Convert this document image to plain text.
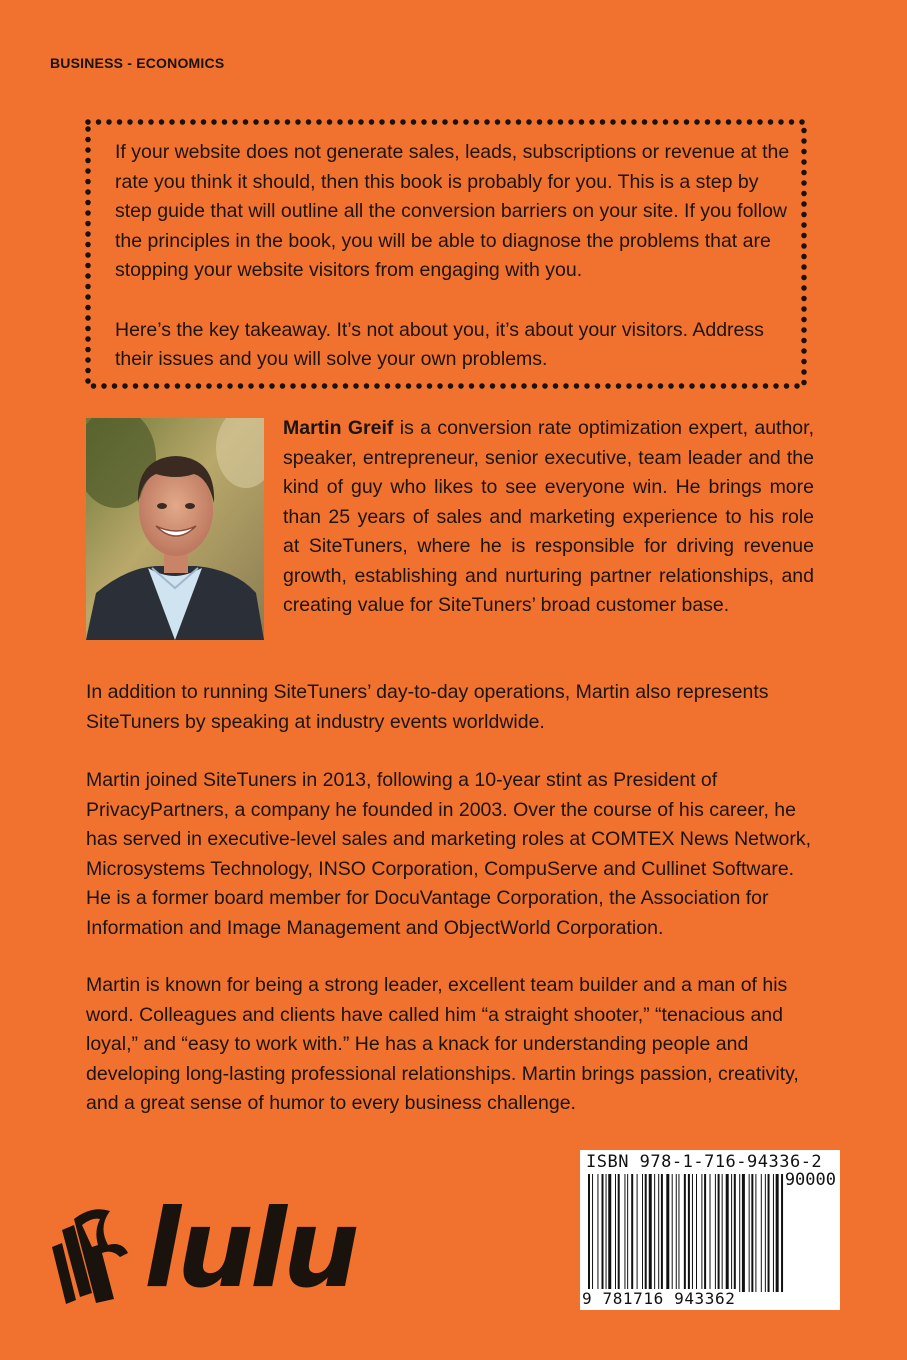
BUSINESS - ECONOMICS

If your website does not generate sales, leads, subscriptions or revenue at the rate you think it should, then this book is probably for you. This is a step by step guide that will outline all the conversion barriers on your site. If you follow the principles in the book, you will be able to diagnose the problems that are stopping your website visitors from engaging with you.

Here’s the key takeaway. It’s not about you, it’s about your visitors. Address their issues and you will solve your own problems.

Martin Greif is a conversion rate optimization expert, author, speaker, entrepreneur, senior executive, team leader and the kind of guy who likes to see everyone win. He brings more than 25 years of sales and marketing experience to his role at SiteTuners, where he is responsible for driving revenue growth, establishing and nurturing partner relationships, and creating value for SiteTuners’ broad customer base.

In addition to running SiteTuners’ day-to-day operations, Martin also represents SiteTuners by speaking at industry events worldwide.

Martin joined SiteTuners in 2013, following a 10-year stint as President of PrivacyPartners, a company he founded in 2003. Over the course of his career, he has served in executive-level sales and marketing roles at COMTEX News Network, Microsystems Technology, INSO Corporation, CompuServe and Cullinet Software. He is a former board member for DocuVantage Corporation, the Association for Information and Image Management and ObjectWorld Corporation.

Martin is known for being a strong leader, excellent team builder and a man of his word. Colleagues and clients have called him “a straight shooter,” “tenacious and loyal,” and “easy to work with.” He has a knack for understanding people and developing long-lasting professional relationships. Martin brings passion, creativity, and a great sense of humor to every business challenge.

lulu
ISBN 978-1-716-94336-2
90000
9 781716 943362
